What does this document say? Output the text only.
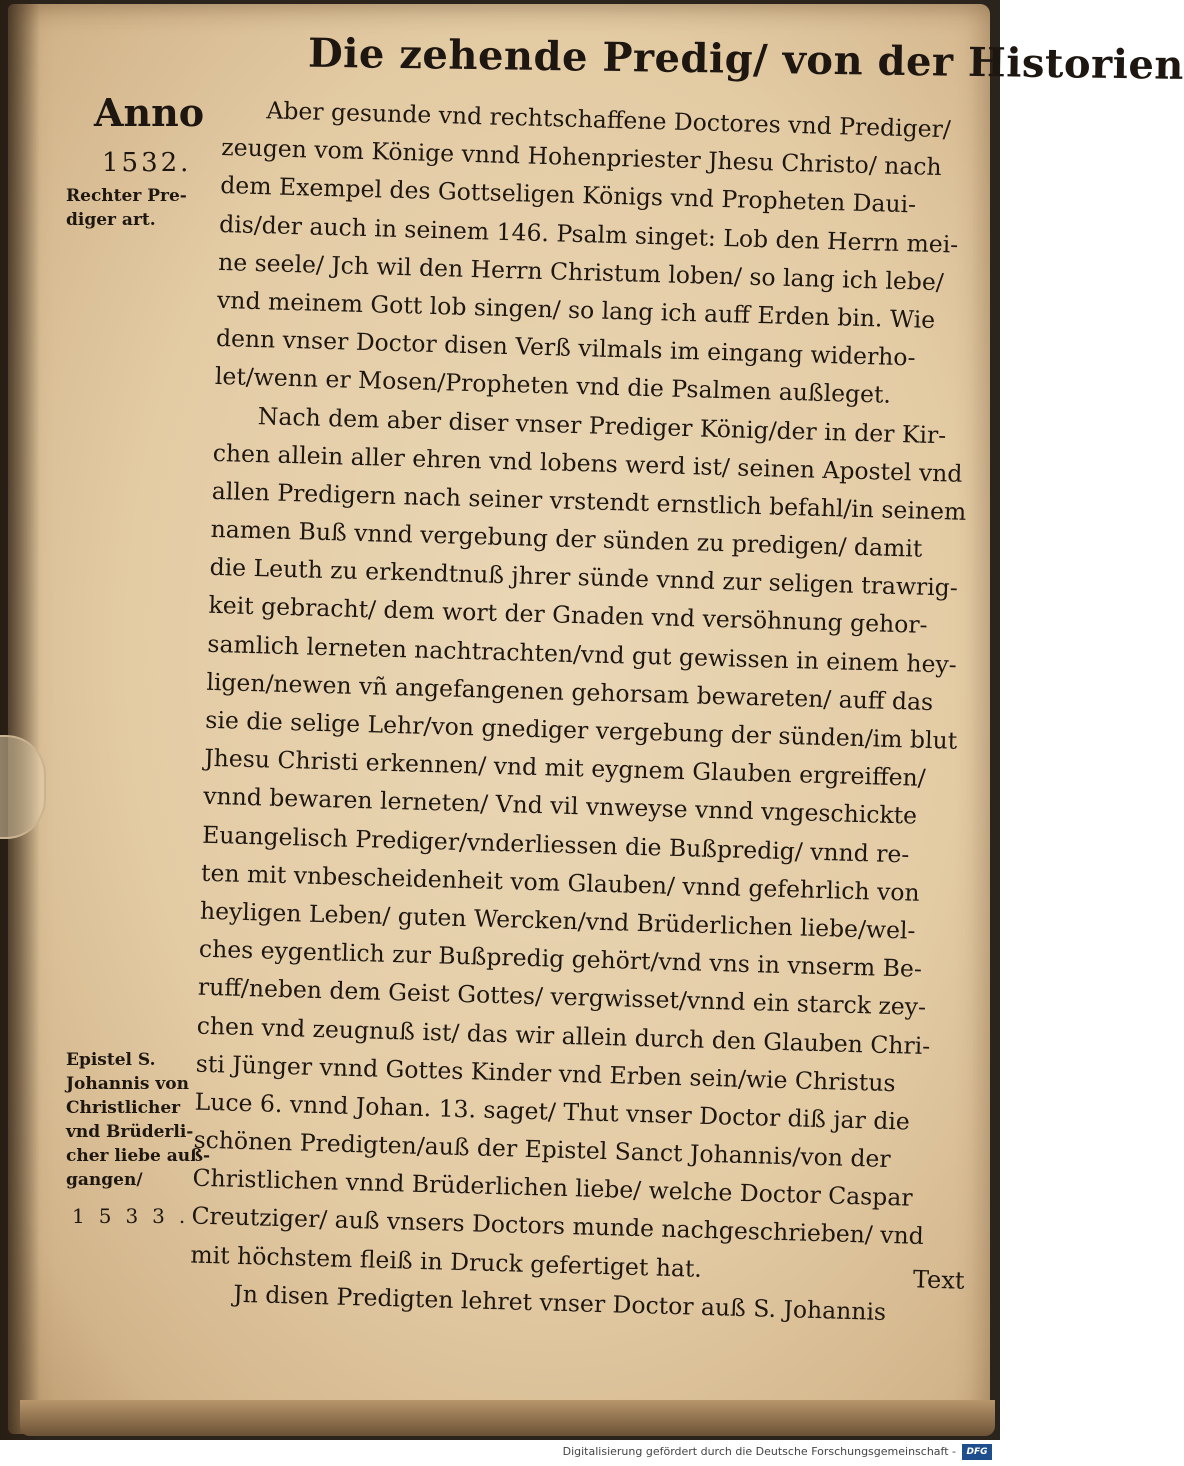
Die zehende Predig/ von der Historien
Anno
1532.
Rechter Pre-
diger art.
Epistel S.
Johannis von
Christlicher
vnd Brüderli-
cher liebe auß-
gangen/
1533.
Aber gesunde vnd rechtschaffene Doctores vnd Prediger/
zeugen vom Könige vnnd Hohenpriester Jhesu Christo/ nach
dem Exempel des Gottseligen Königs vnd Propheten Daui-
dis/der auch in seinem 146. Psalm singet: Lob den Herrn mei-
ne seele/ Jch wil den Herrn Christum loben/ so lang ich lebe/
vnd meinem Gott lob singen/ so lang ich auff Erden bin. Wie
denn vnser Doctor disen Verß vilmals im eingang widerho-
let/wenn er Mosen/Propheten vnd die Psalmen außleget.
Nach dem aber diser vnser Prediger König/der in der Kir-
chen allein aller ehren vnd lobens werd ist/ seinen Apostel vnd
allen Predigern nach seiner vrstendt ernstlich befahl/in seinem
namen Buß vnnd vergebung der sünden zu predigen/ damit
die Leuth zu erkendtnuß jhrer sünde vnnd zur seligen trawrig-
keit gebracht/ dem wort der Gnaden vnd versöhnung gehor-
samlich lerneten nachtrachten/vnd gut gewissen in einem hey-
ligen/newen vñ angefangenen gehorsam bewareten/ auff das
sie die selige Lehr/von gnediger vergebung der sünden/im blut
Jhesu Christi erkennen/ vnd mit eygnem Glauben ergreiffen/
vnnd bewaren lerneten/ Vnd vil vnweyse vnnd vngeschickte
Euangelisch Prediger/vnderliessen die Bußpredig/ vnnd re-
ten mit vnbescheidenheit vom Glauben/ vnnd gefehrlich von
heyligen Leben/ guten Wercken/vnd Brüderlichen liebe/wel-
ches eygentlich zur Bußpredig gehört/vnd vns in vnserm Be-
ruff/neben dem Geist Gottes/ vergwisset/vnnd ein starck zey-
chen vnd zeugnuß ist/ das wir allein durch den Glauben Chri-
sti Jünger vnnd Gottes Kinder vnd Erben sein/wie Christus
Luce 6. vnnd Johan. 13. saget/ Thut vnser Doctor diß jar die
schönen Predigten/auß der Epistel Sanct Johannis/von der
Christlichen vnnd Brüderlichen liebe/ welche Doctor Caspar
Creutziger/ auß vnsers Doctors munde nachgeschrieben/ vnd
mit höchstem fleiß in Druck gefertiget hat.
Jn disen Predigten lehret vnser Doctor auß S. Johannis	Text
Digitalisierung gefördert durch die Deutsche Forschungsgemeinschaft -	DFG
